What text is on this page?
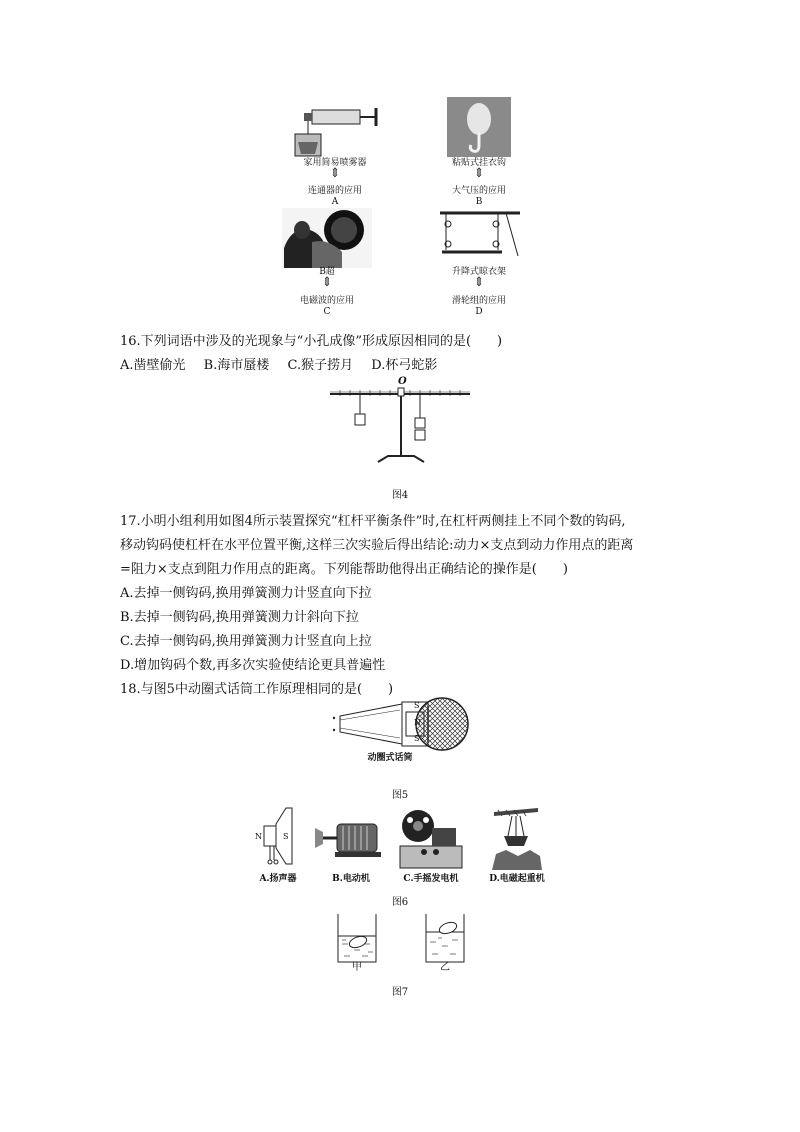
家用简易喷雾器
⇕
连通器的应用
A
粘贴式挂衣钩
⇕
大气压的应用
B
B超
⇕
电磁波的应用
C
升降式晾衣架
⇕
滑轮组的应用
D
16.下列词语中涉及的光现象与“小孔成像”形成原因相同的是(　　)
A.凿壁偷光 B.海市蜃楼 C.猴子捞月 D.杯弓蛇影
O
图4
17.小明小组利用如图4所示装置探究“杠杆平衡条件”时,在杠杆两侧挂上不同个数的钩码,
移动钩码使杠杆在水平位置平衡,这样三次实验后得出结论:动力×支点到动力作用点的距离
=阻力×支点到阻力作用点的距离。下列能帮助他得出正确结论的操作是(　　)
A.去掉一侧钩码,换用弹簧测力计竖直向下拉
B.去掉一侧钩码,换用弹簧测力计斜向下拉
C.去掉一侧钩码,换用弹簧测力计竖直向上拉
D.增加钩码个数,再多次实验使结论更具普遍性
18.与图5中动圈式话筒工作原理相同的是(　　)
S
N
S
动圈式话筒
图5
N	S
A.扬声器	B.电动机	C.手摇发电机	D.电磁起重机
图6
甲	乙
图7
